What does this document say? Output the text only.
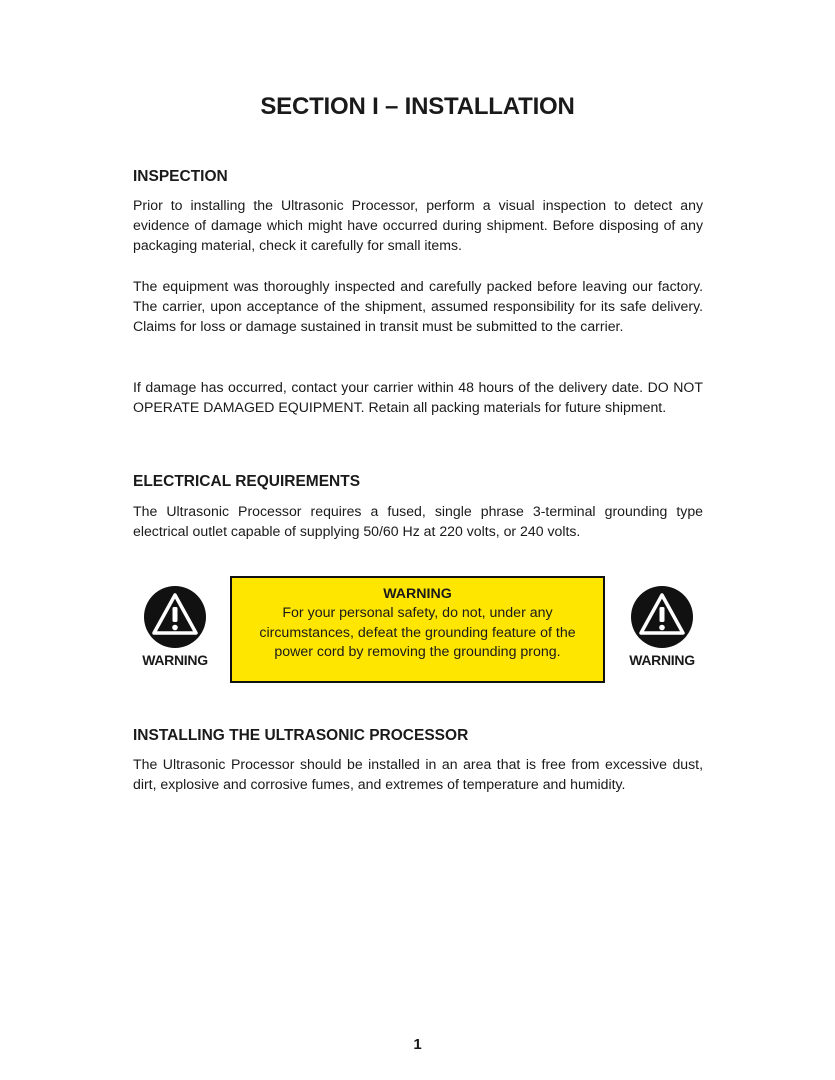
SECTION I – INSTALLATION
INSPECTION

Prior to installing the Ultrasonic Processor, perform a visual inspection to detect any evidence of damage which might have occurred during shipment. Before disposing of any packaging material, check it carefully for small items.

The equipment was thoroughly inspected and carefully packed before leaving our factory. The carrier, upon acceptance of the shipment, assumed responsibility for its safe delivery. Claims for loss or damage sustained in transit must be submitted to the carrier.

If damage has occurred, contact your carrier within 48 hours of the delivery date. DO NOT OPERATE DAMAGED EQUIPMENT. Retain all packing materials for future shipment.

ELECTRICAL REQUIREMENTS

The Ultrasonic Processor requires a fused, single phrase 3-terminal grounding type electrical outlet capable of supplying 50/60 Hz at 220 volts, or 240 volts.

WARNING
WARNING
For your personal safety, do not, under any circumstances, defeat the grounding feature of the power cord by removing the grounding prong.	WARNING
INSTALLING THE ULTRASONIC PROCESSOR

The Ultrasonic Processor should be installed in an area that is free from excessive dust, dirt, explosive and corrosive fumes, and extremes of temperature and humidity.

1
